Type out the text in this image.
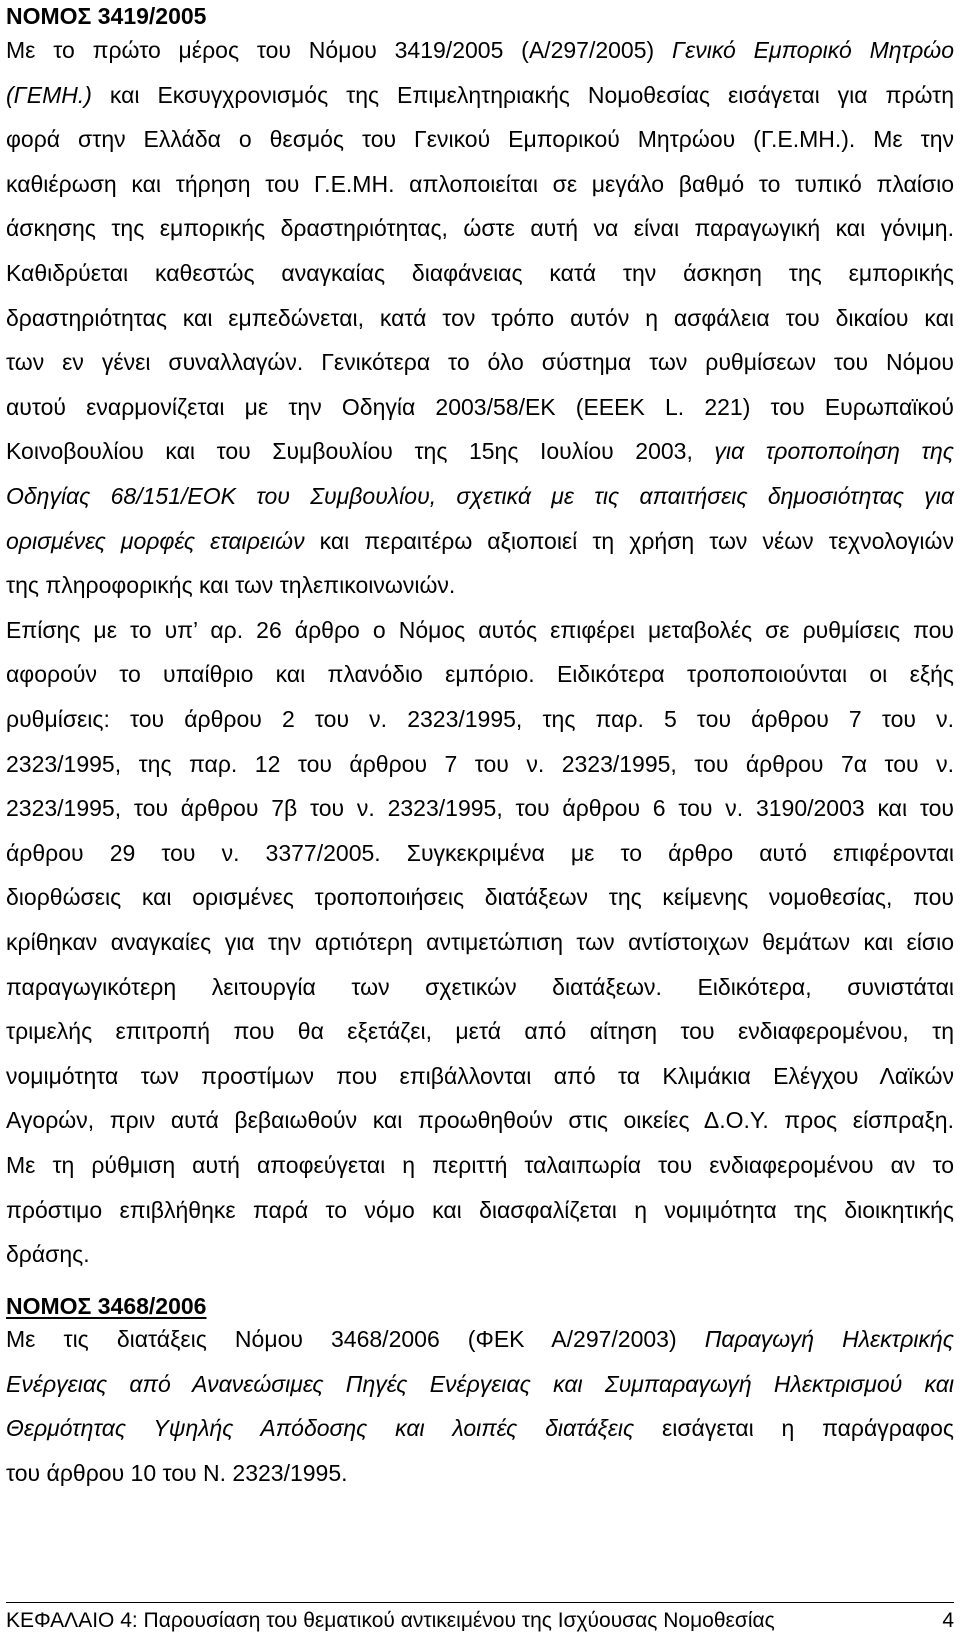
ΝΟΜΟΣ 3419/2005

Με το πρώτο μέρος του Νόμου 3419/2005 (Α/297/2005) Γενικό Εμπορικό Μητρώο

(ΓΕΜΗ.) και Εκσυγχρονισμός της Επιμελητηριακής Νομοθεσίας εισάγεται για πρώτη

φορά στην Ελλάδα ο θεσμός του Γενικού Εμπορικού Μητρώου (Γ.Ε.ΜΗ.). Με την

καθιέρωση και τήρηση του Γ.Ε.ΜΗ. απλοποιείται σε μεγάλο βαθμό το τυπικό πλαίσιο

άσκησης της εμπορικής δραστηριότητας, ώστε αυτή να είναι παραγωγική και γόνιμη.

Καθιδρύεται καθεστώς αναγκαίας διαφάνειας κατά την άσκηση της εμπορικής

δραστηριότητας και εμπεδώνεται, κατά τον τρόπο αυτόν η ασφάλεια του δικαίου και

των εν γένει συναλλαγών. Γενικότερα το όλο σύστημα των ρυθμίσεων του Νόμου

αυτού εναρμονίζεται με την Οδηγία 2003/58/ΕΚ (ΕΕΕΚ L. 221) του Ευρωπαϊκού

Κοινοβουλίου και του Συμβουλίου της 15ης Ιουλίου 2003, για τροποποίηση της

Οδηγίας 68/151/ΕΟΚ του Συμβουλίου, σχετικά με τις απαιτήσεις δημοσιότητας για

ορισμένες μορφές εταιρειών και περαιτέρω αξιοποιεί τη χρήση των νέων τεχνολογιών

της πληροφορικής και των τηλεπικοινωνιών.

Επίσης με το υπ’ αρ. 26 άρθρο ο Νόμος αυτός επιφέρει μεταβολές σε ρυθμίσεις που

αφορούν το υπαίθριο και πλανόδιο εμπόριο. Ειδικότερα τροποποιούνται οι εξής

ρυθμίσεις: του άρθρου 2 του ν. 2323/1995, της παρ. 5 του άρθρου 7 του ν.

2323/1995, της παρ. 12 του άρθρου 7 του ν. 2323/1995, του άρθρου 7α του ν.

2323/1995, του άρθρου 7β του ν. 2323/1995, του άρθρου 6 του ν. 3190/2003 και του

άρθρου 29 του ν. 3377/2005. Συγκεκριμένα με το άρθρο αυτό επιφέρονται

διορθώσεις και ορισμένες τροποποιήσεις διατάξεων της κείμενης νομοθεσίας, που

κρίθηκαν αναγκαίες για την αρτιότερη αντιμετώπιση των αντίστοιχων θεμάτων και είσιο

παραγωγικότερη λειτουργία των σχετικών διατάξεων. Ειδικότερα, συνιστάται

τριμελής επιτροπή που θα εξετάζει, μετά από αίτηση του ενδιαφερομένου, τη

νομιμότητα των προστίμων που επιβάλλονται από τα Κλιμάκια Ελέγχου Λαϊκών

Αγορών, πριν αυτά βεβαιωθούν και προωθηθούν στις οικείες Δ.Ο.Υ. προς είσπραξη.

Με τη ρύθμιση αυτή αποφεύγεται η περιττή ταλαιπωρία του ενδιαφερομένου αν το

πρόστιμο επιβλήθηκε παρά το νόμο και διασφαλίζεται η νομιμότητα της διοικητικής

δράσης.

ΝΟΜΟΣ 3468/2006

Με τις διατάξεις Νόμου 3468/2006 (ΦΕΚ Α/297/2003) Παραγωγή Ηλεκτρικής

Ενέργειας από Ανανεώσιμες Πηγές Ενέργειας και Συμπαραγωγή Ηλεκτρισμού και

Θερμότητας Υψηλής Απόδοσης και λοιπές διατάξεις εισάγεται η παράγραφος

του άρθρου 10 του Ν. 2323/1995.

ΚΕΦΑΛΑΙΟ 4: Παρουσίαση του θεματικού αντικειμένου της Ισχύουσας Νομοθεσίας	4
